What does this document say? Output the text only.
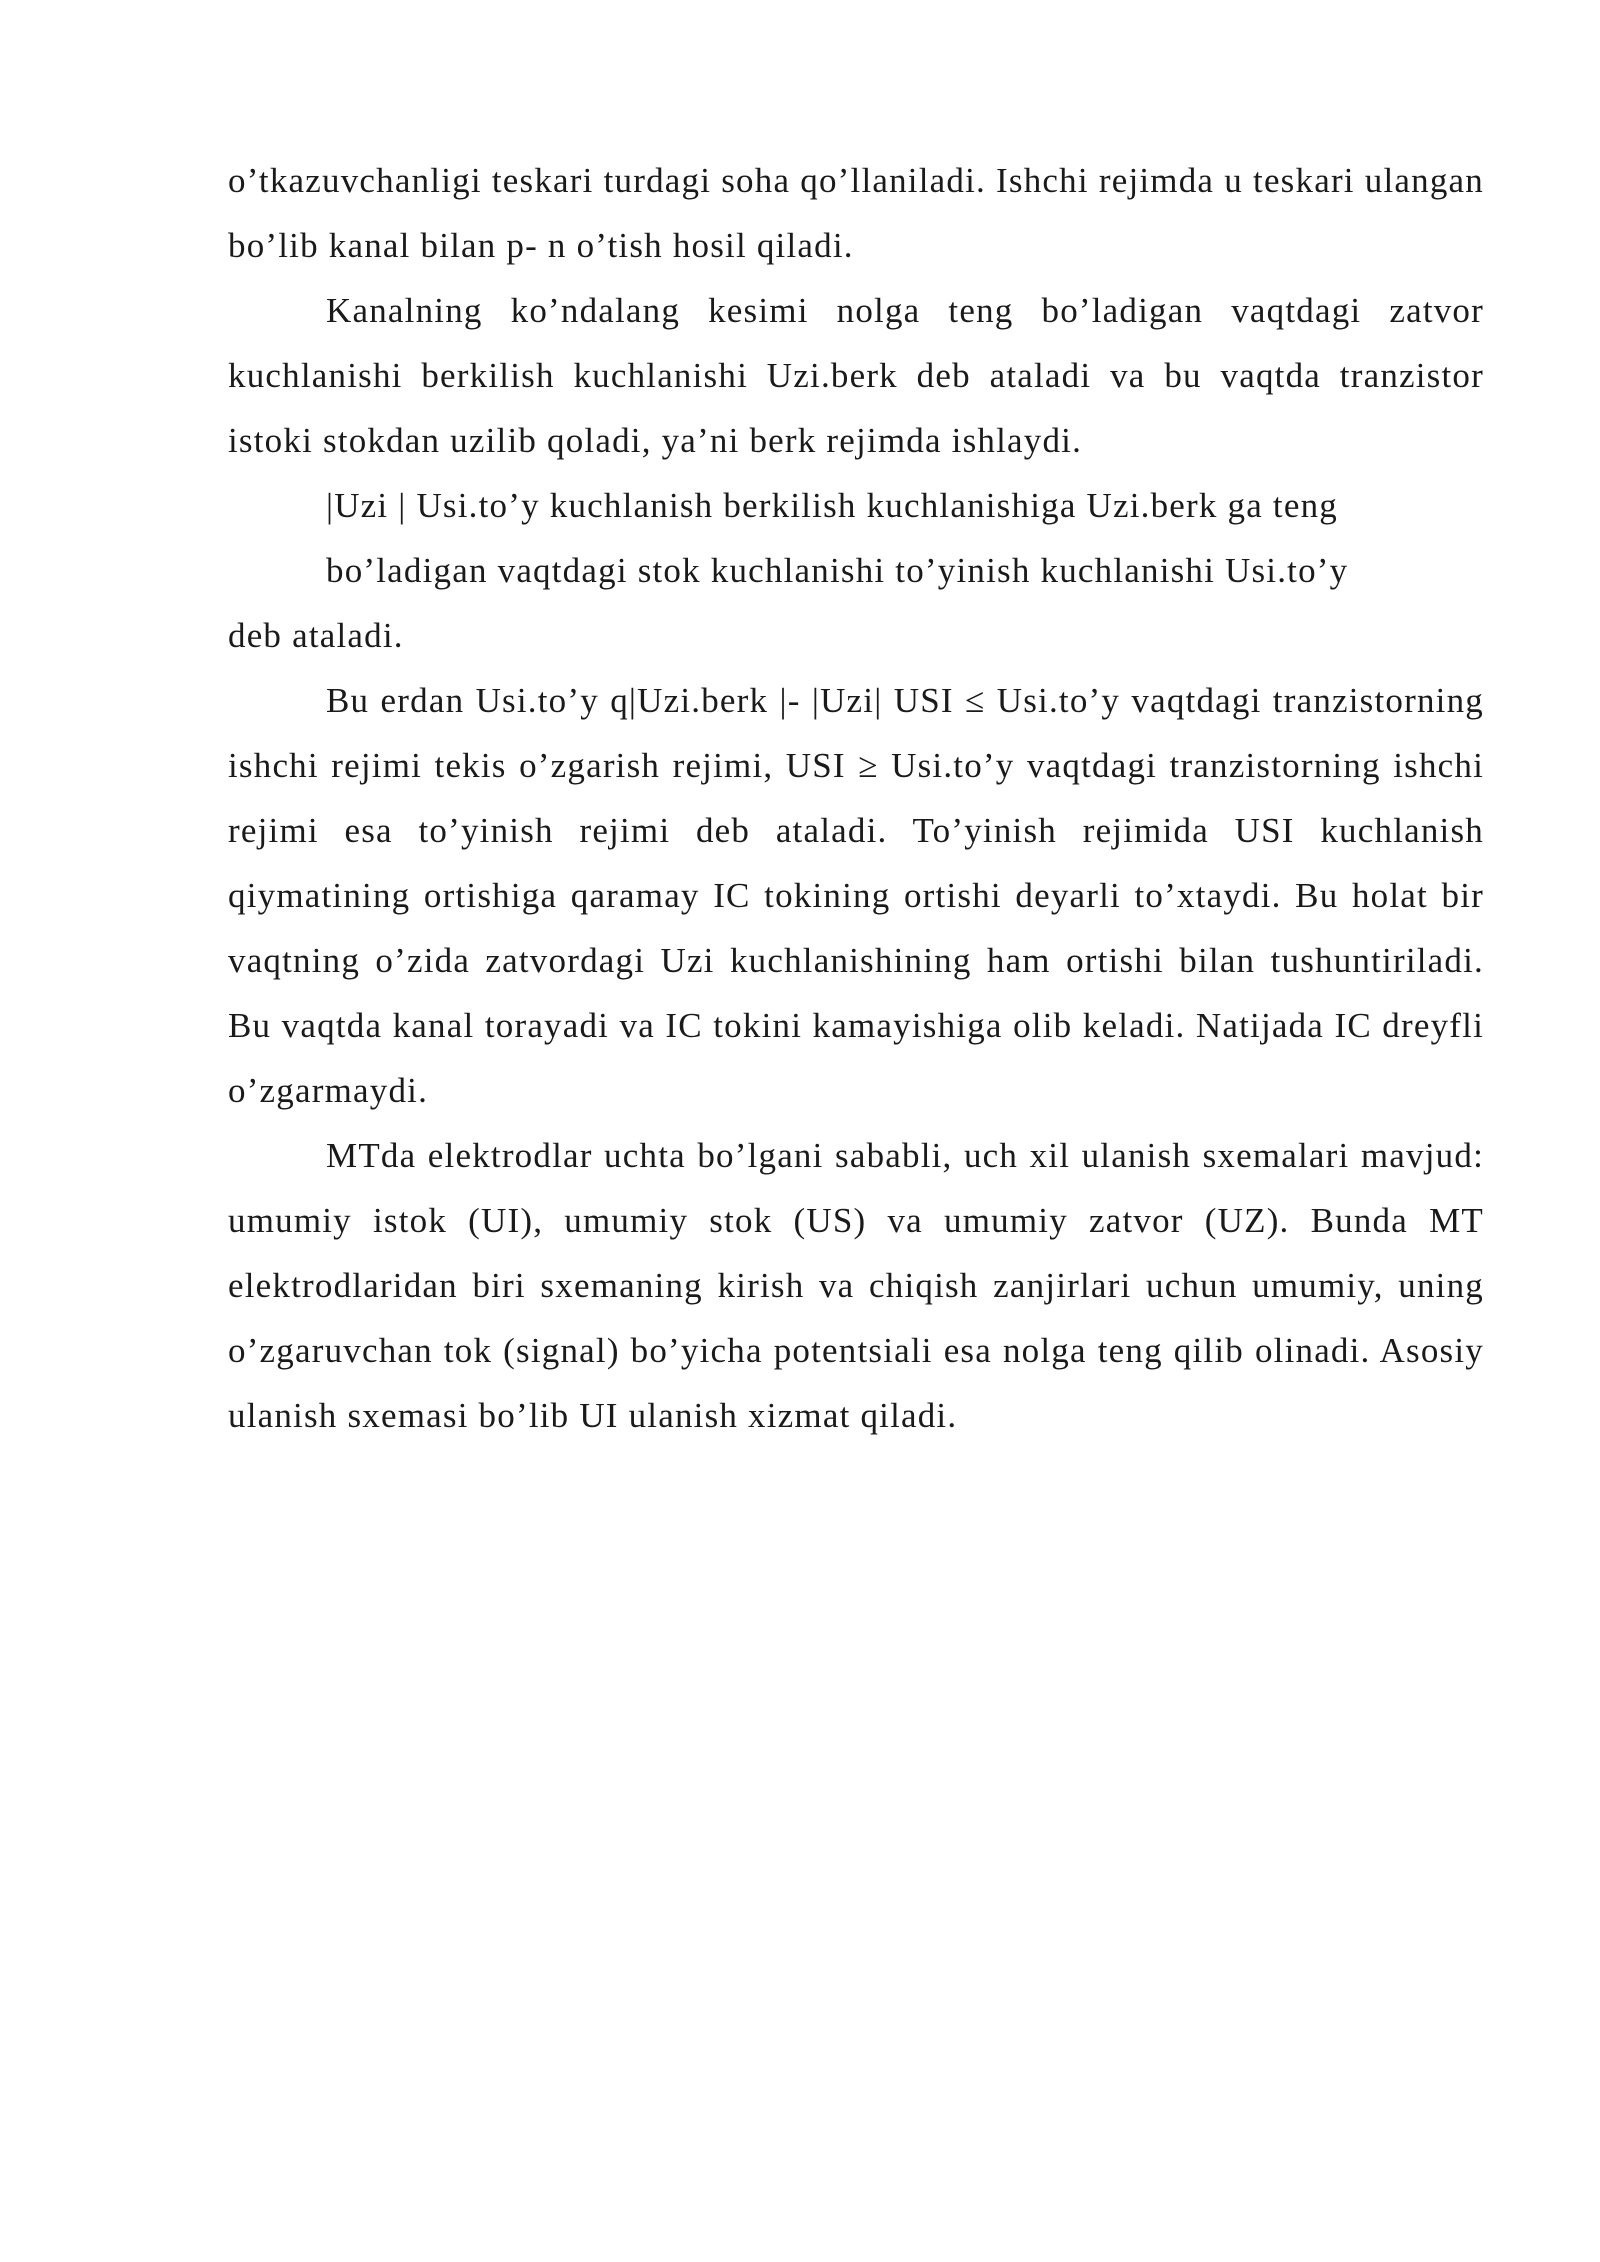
o’tkazuvchanligi teskari turdagi soha qo’llaniladi. Ishchi rejimda u teskari ulangan bo’lib kanal bilan p- n o’tish hosil qiladi.

Kanalning ko’ndalang kesimi nolga teng bo’ladigan vaqtdagi zatvor kuchlanishi berkilish kuchlanishi Uzi.berk deb ataladi va bu vaqtda tranzistor istoki stokdan uzilib qoladi, ya’ni berk rejimda ishlaydi.

|Uzi | Usi.to’y kuchlanish berkilish kuchlanishiga Uzi.berk ga teng

bo’ladigan vaqtdagi stok kuchlanishi to’yinish kuchlanishi Usi.to’y

deb ataladi.

Bu erdan Usi.to’y q|Uzi.berk |- |Uzi| USI ≤ Usi.to’y vaqtdagi tranzistorning ishchi rejimi tekis o’zgarish rejimi, USI ≥ Usi.to’y vaqtdagi tranzistorning ishchi rejimi esa to’yinish rejimi deb ataladi. To’yinish rejimida USI kuchlanish qiymatining ortishiga qaramay IC tokining ortishi deyarli to’xtaydi. Bu holat bir vaqtning o’zida zatvordagi Uzi kuchlanishining ham ortishi bilan tushuntiriladi. Bu vaqtda kanal torayadi va IC tokini kamayishiga olib keladi. Natijada IC dreyfli o’zgarmaydi.

MTda elektrodlar uchta bo’lgani sababli, uch xil ulanish sxemalari mavjud: umumiy istok (UI), umumiy stok (US) va umumiy zatvor (UZ). Bunda MT elektrodlaridan biri sxemaning kirish va chiqish zanjirlari uchun umumiy, uning o’zgaruvchan tok (signal) bo’yicha potentsiali esa nolga teng qilib olinadi. Asosiy ulanish sxemasi bo’lib UI ulanish xizmat qiladi.
